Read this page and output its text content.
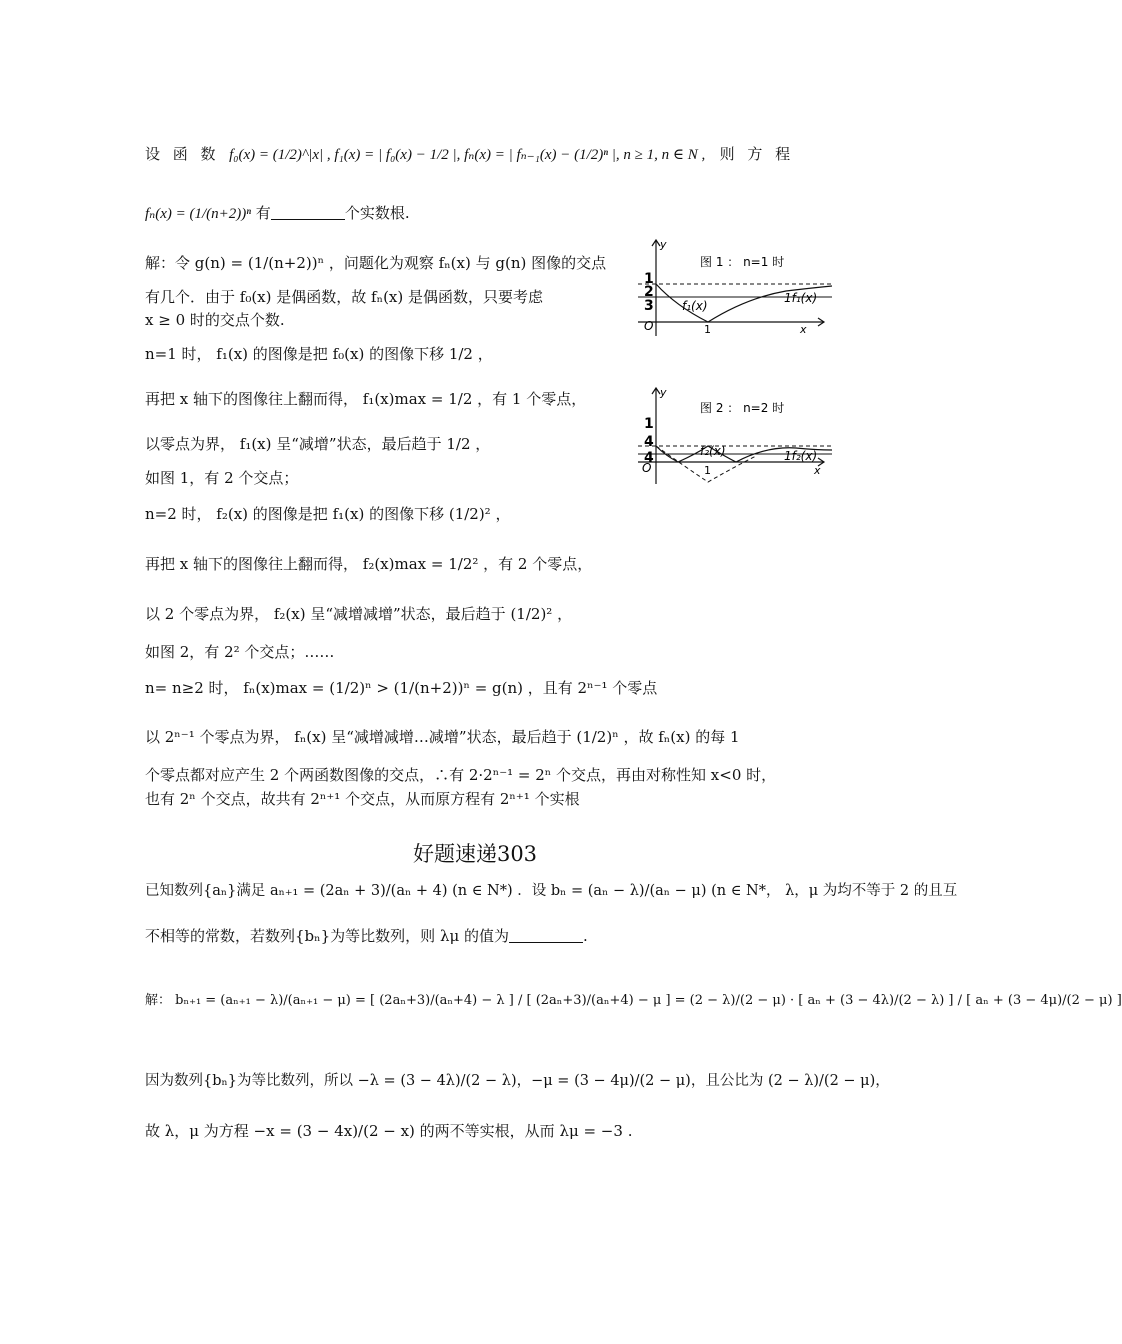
设 函 数 f₀(x) = (1/2)^|x| , f₁(x) = | f₀(x) − 1/2 |, fₙ(x) = | fₙ₋₁(x) − (1/2)ⁿ |, n ≥ 1, n ∈ N , 则 方 程
fₙ(x) = (1/(n+2))ⁿ 有	个实数根.
解：令 g(n) = (1/(n+2))ⁿ ，问题化为观察 fₙ(x) 与 g(n) 图像的交点
有几个．由于 f₀(x) 是偶函数，故 fₙ(x) 是偶函数，只要考虑
x ≥ 0 时的交点个数.
n=1 时， f₁(x) 的图像是把 f₀(x) 的图像下移 1/2 ，
再把 x 轴下的图像往上翻而得， f₁(x)max = 1/2 ，有 1 个零点，
以零点为界， f₁(x) 呈“减增”状态，最后趋于 1/2 ，
如图 1，有 2 个交点；
n=2 时， f₂(x) 的图像是把 f₁(x) 的图像下移 (1/2)² ，
再把 x 轴下的图像往上翻而得， f₂(x)max = 1/2² ，有 2 个零点，
以 2 个零点为界， f₂(x) 呈“减增减增”状态，最后趋于 (1/2)² ，
如图 2，有 2² 个交点；……
n= n≥2 时， fₙ(x)max = (1/2)ⁿ > (1/(n+2))ⁿ = g(n) ，且有 2ⁿ⁻¹ 个零点
以 2ⁿ⁻¹ 个零点为界， fₙ(x) 呈“减增减增…减增”状态，最后趋于 (1/2)ⁿ ，故 fₙ(x) 的每 1
个零点都对应产生 2 个两函数图像的交点，∴有 2·2ⁿ⁻¹ = 2ⁿ 个交点，再由对称性知 x<0 时，
也有 2ⁿ 个交点，故共有 2ⁿ⁺¹ 个交点，从而原方程有 2ⁿ⁺¹ 个实根
y
图 1 ： n=1 时
1
2
3
O	1	x
f₁(x)
1f₁(x)
y
图 2 ： n=2 时
1
4
4
O	1	x
f₂(x)	1f₂(x)
好题速递303
已知数列{aₙ}满足 aₙ₊₁ = (2aₙ + 3)/(aₙ + 4) (n ∈ N*) ．设 bₙ = (aₙ − λ)/(aₙ − μ) (n ∈ N*， λ，μ 为均不等于 2 的且互
不相等的常数，若数列{bₙ}为等比数列，则 λμ 的值为	.
解： bₙ₊₁ = (aₙ₊₁ − λ)/(aₙ₊₁ − μ) = [ (2aₙ+3)/(aₙ+4) − λ ] / [ (2aₙ+3)/(aₙ+4) − μ ] = (2 − λ)/(2 − μ) · [ aₙ + (3 − 4λ)/(2 − λ) ] / [ aₙ + (3 − 4μ)/(2 − μ) ]
因为数列{bₙ}为等比数列，所以 −λ = (3 − 4λ)/(2 − λ)，−μ = (3 − 4μ)/(2 − μ)，且公比为 (2 − λ)/(2 − μ)，
故 λ，μ 为方程 −x = (3 − 4x)/(2 − x) 的两不等实根，从而 λμ = −3 .
